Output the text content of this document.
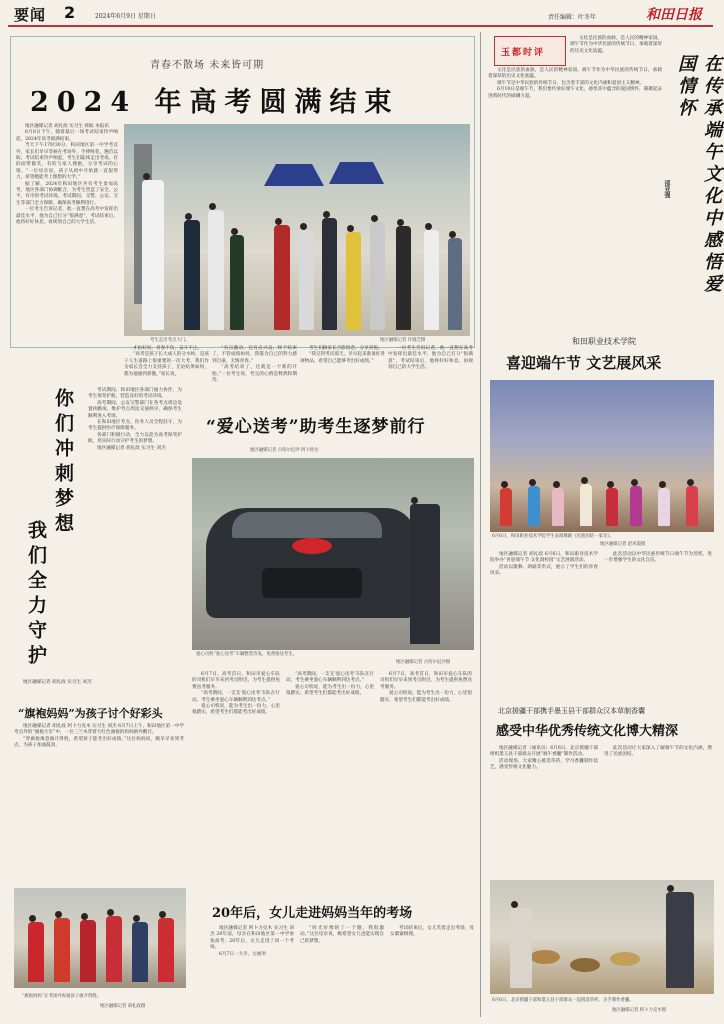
要闻 2	2024年6月9日 星期日	责任编辑：叶冬年	和田日报
青春不散场 未来皆可期
2024 年高考圆满结束

地区融媒记者 胡礼政 实习生 韩航 本报讯

6月8日下午，随着最后一场考试结束铃声响起，2024年高考圆满结束。

当天下午17时30分，和田地区第一中学考点外，家长们早早等候在考场外，手捧鲜花，翘首以盼。考试结束铃声响起，考生们陆续走出考场，有的面带微笑，有的与家人拥抱，分享考试的心情。“一位母亲说，孩子从初中开始就一直很努力，希望她能考上理想的大学。”

据了解，2024年和田地区共有考生参加高考，地区各部门协调配合，为考生营造了安全、公平、有序的考试环境。考试期间，交警、公安、卫生等部门全力保障，确保高考顺利进行。

一位考生告诉记者，他一直想在高考中发挥出最佳水平，他为自己打分“很满意”，考试结束后，他将好好休息，再规划自己的大学生活。

考生走出考点大门。	地区融媒记者 许晓芝摄

才拍好说，青春不负，奋斗不止。

“高考是孩子长大成人的分水岭，是孩子人生道路上很重要的一次大考，我们作为家长会全力支持孩子，无论结果如何，都为他感到骄傲。”家长说。

“有点激动，还有点兴奋，终于结束了，不管成绩如何，我都为自己的努力感到自豪，无悔青春。”

“高考结束了，这就是一个新的开始。”一位考生说，考完的心情是释然和期待。

考生们跟家长合影留念，分享喜悦。

“我记得考试那天，早早起来准备好各项物品，希望自己能够考出好成绩。”

一位考生告诉记者，他一直想在高考中发挥出最佳水平，他为自己打分“很满意”，考试结束后，他将好好休息，再规划自己的大学生活。

你们冲刺梦想
我们全力守护

考试期间，和田地区各部门通力协作，为考生保驾护航，营造良好的考试环境。

高考期间，公安交警部门在各考点周边设置执勤岗，维护考点周边交通秩序，确保考生顺利进入考场。

在和田地区考点，医务人员全程驻守，为考生提供医疗保障服务。

各部门积极行动，全力以赴为高考保驾护航，用实际行动守护考生的梦想。

地区融媒记者 胡礼政 实习生 刘杰

地区融媒记者 胡礼政 实习生 刘杰

“旗袍妈妈”为孩子讨个好彩头

地区融媒记者 胡礼政 阿卜力克木 实习生 刘杰 6月7日上午，和田地区第一中学考点外的“旗袍大军”中，一位三兰木穿着大红色旗袍的妈妈格外醒目。

“穿旗袍寓意旗开得胜，希望孩子能考出好成绩。”这位妈妈说，她早早来到考点，为孩子加油鼓劲。

“旗袍妈妈”在考场外祝福孩子旗开得胜。
地区融媒记者 胡礼政摄
“爱心送考”助考生逐梦前行
地区融媒记者 古哈尔尼沙 阿卜杜拉
爱心司机“爱心送考”车辆整装待发，免费接送考生。
地区融媒记者 古哈尔尼沙摄

6月7日，高考首日，和田市爱心车队的司机们早早来到考点附近，为考生提供免费送考服务。

“高考期间，一支支‘爱心送考’车队在行动。考生乘坐爱心车辆顺利到达考点。”

爱心司机说，能为考生出一份力，心里很踏实，希望考生们都能考出好成绩。

“高考期间，一支支‘爱心送考’车队在行动。考生乘坐爱心车辆顺利到达考点。”

爱心司机说，能为考生出一份力，心里很踏实，希望考生们都能考出好成绩。

6月7日，高考首日，和田市爱心车队的司机们早早来到考点附近，为考生提供免费送考服务。

爱心司机说，能为考生出一份力，心里很踏实，希望考生们都能考出好成绩。

20年后，女儿走进妈妈当年的考场

地区融媒记者 阿卜力克木 实习生 刘杰 20年前，母亲在和田地区第一中学参加高考；20年后，女儿走进了同一个考场。

6月7日一大早，古丽米

“时光好像转了一个圈，我很激动。”这位母亲说，她希望女儿也能实现自己的梦想。

考试结束后，女儿笑着走出考场，母女紧紧相拥。

玉都时评

文化是民族的血脉，是人民的精神家园。端午节作为中华民族的传统节日，承载着深厚的历史文化底蕴。

文化是民族的血脉，是人民的精神家园。端午节作为中华民族的传统节日，承载着深厚的历史文化底蕴。

端午节是中华民族的传统节日，包含着丰富的文化内涵和爱国主义精神。

6月10日是端午节，我们要传承好端午文化，感悟其中蕴含的爱国情怀，凝聚起奋进新时代的磅礴力量。	在传承端午文化中感悟爱国情怀
邵亚强
和田职业技术学院
喜迎端午节 文艺展风采
6月6日，和田职业技术学院学生表演舞蹈《民族团结一家亲》。
地区融媒记者 赵凤霞摄

地区融媒记者 胡礼政 6月6日，和田职业技术学院举办“喜迎端午节 文化润校园”文艺展演活动。

活动以歌舞、朗诵等形式，展示了学生们的青春风采。

此次活动以中华民族传统节日端午节为契机，进一步增强学生的文化自信。

北京援疆干部携手墨玉县干部群众汉本草制香囊
感受中华优秀传统文化博大精深

地区融媒记者（通讯员）6月6日，北京援疆干部组织墨玉县干部群众开展“端午香囊”制作活动。

活动现场，大家精心挑选草药，学习香囊制作技艺，感受传统文化魅力。

此次活动让大家深入了解端午节的文化内涵，增进了民族团结。

6月6日，北京援疆干部和墨玉县干部群众一起挑选草药，亲手制作香囊。
地区融媒记者 阿卜力克木摄
